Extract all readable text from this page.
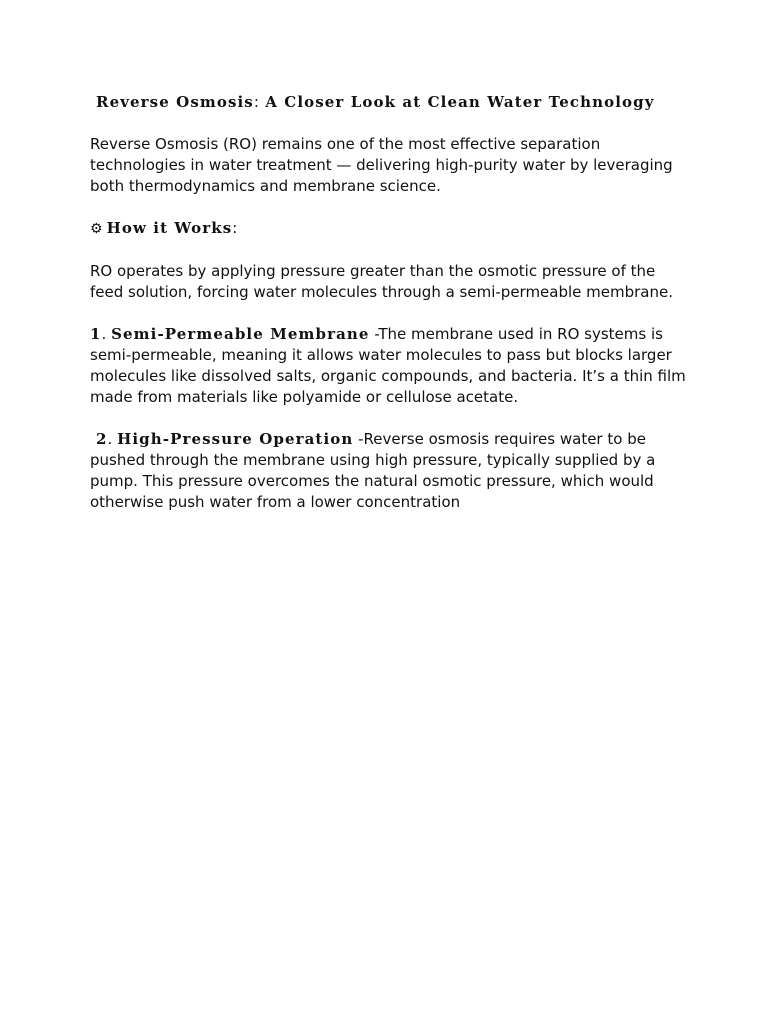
Reverse Osmosis: A Closer Look at Clean Water Technology

Reverse Osmosis (RO) remains one of the most effective separation technologies in water treatment — delivering high-purity water by leveraging both thermodynamics and membrane science.

⚙ How it Works:

RO operates by applying pressure greater than the osmotic pressure of the feed solution, forcing water molecules through a semi-permeable membrane.

1. Semi-Permeable Membrane -The membrane used in RO systems is semi-permeable, meaning it allows water molecules to pass but blocks larger molecules like dissolved salts, organic compounds, and bacteria. It’s a thin film made from materials like polyamide or cellulose acetate.

2. High-Pressure Operation -Reverse osmosis requires water to be pushed through the membrane using high pressure, typically supplied by a pump. This pressure overcomes the natural osmotic pressure, which would otherwise push water from a lower concentration
